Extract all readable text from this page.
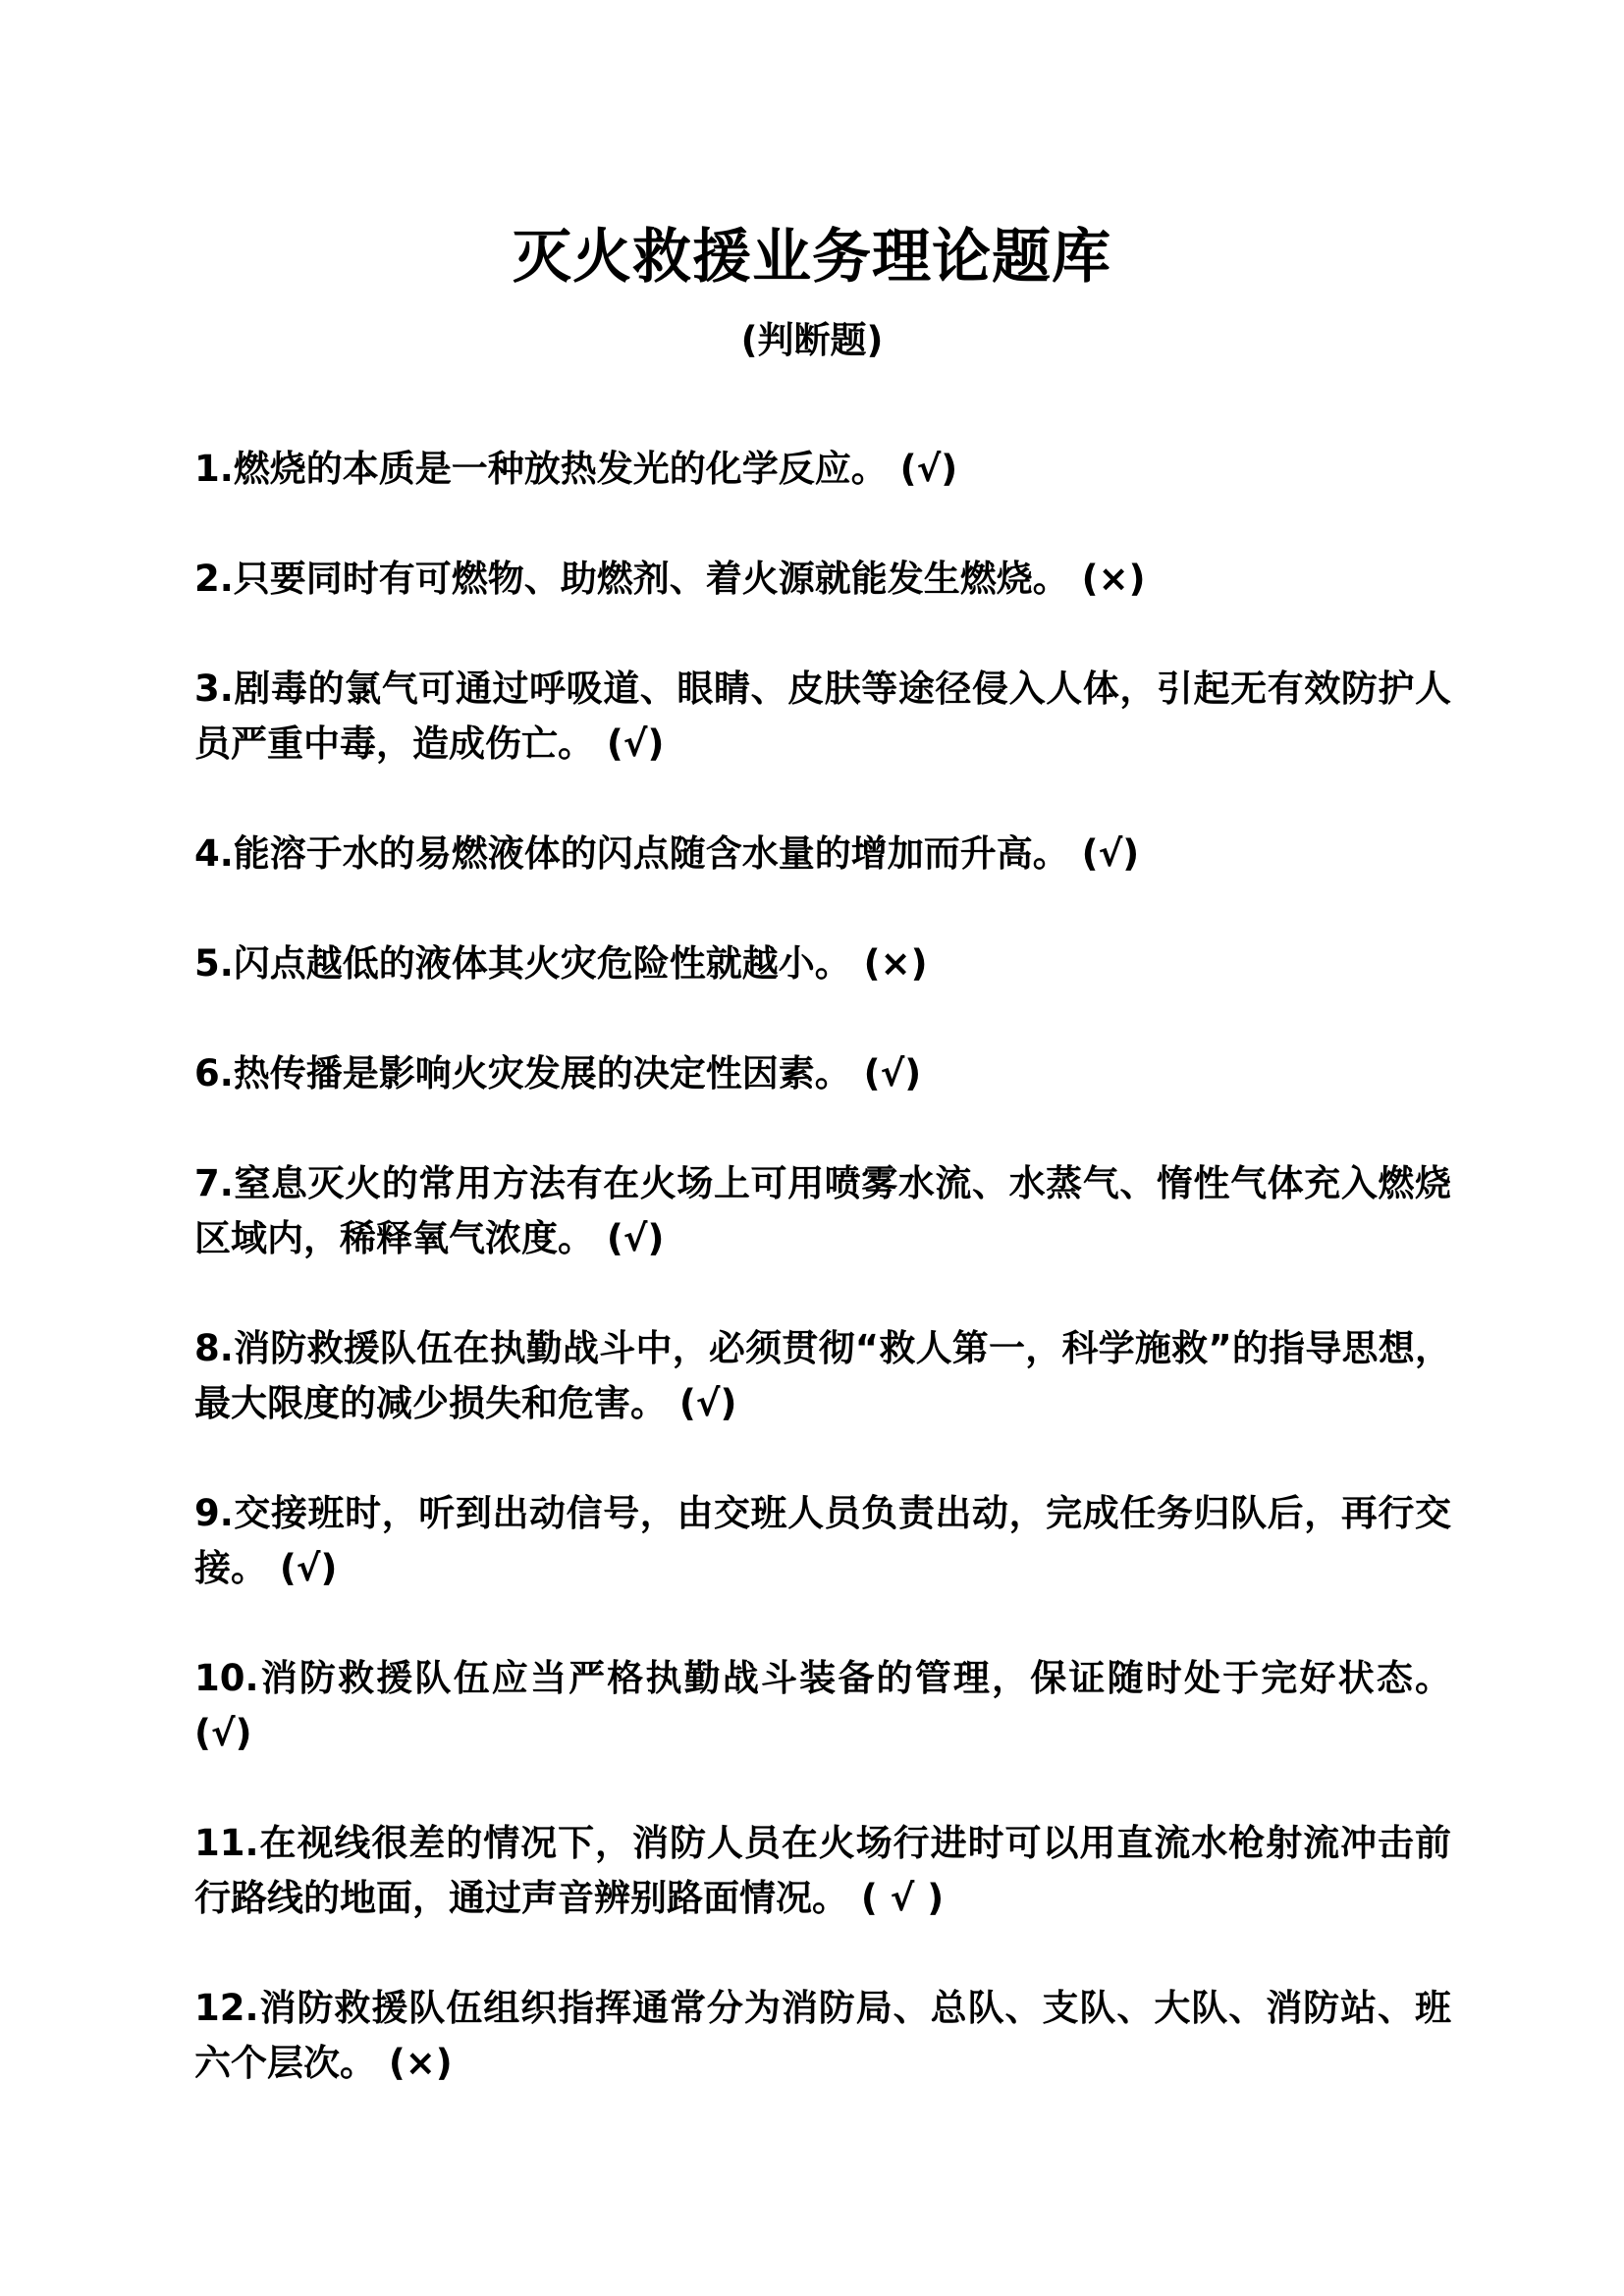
灭火救援业务理论题库
(判断题)
1.燃烧的本质是一种放热发光的化学反应。 (√)
2.只要同时有可燃物、助燃剂、着火源就能发生燃烧。 (×)
3.剧毒的氯气可通过呼吸道、眼睛、皮肤等途径侵入人体，引起无有效防护人员严重中毒，造成伤亡。 (√)
4.能溶于水的易燃液体的闪点随含水量的增加而升高。 (√)
5.闪点越低的液体其火灾危险性就越小。 (×)
6.热传播是影响火灾发展的决定性因素。 (√)
7.窒息灭火的常用方法有在火场上可用喷雾水流、水蒸气、惰性气体充入燃烧区域内，稀释氧气浓度。 (√)
8.消防救援队伍在执勤战斗中，必须贯彻“救人第一，科学施救”的指导思想，最大限度的减少损失和危害。 (√)
9.交接班时，听到出动信号，由交班人员负责出动，完成任务归队后，再行交接。 (√)
10.消防救援队伍应当严格执勤战斗装备的管理，保证随时处于完好状态。 (√)
11.在视线很差的情况下，消防人员在火场行进时可以用直流水枪射流冲击前行路线的地面，通过声音辨别路面情况。 ( √ )
12.消防救援队伍组织指挥通常分为消防局、总队、支队、大队、消防站、班六个层次。 (×)
